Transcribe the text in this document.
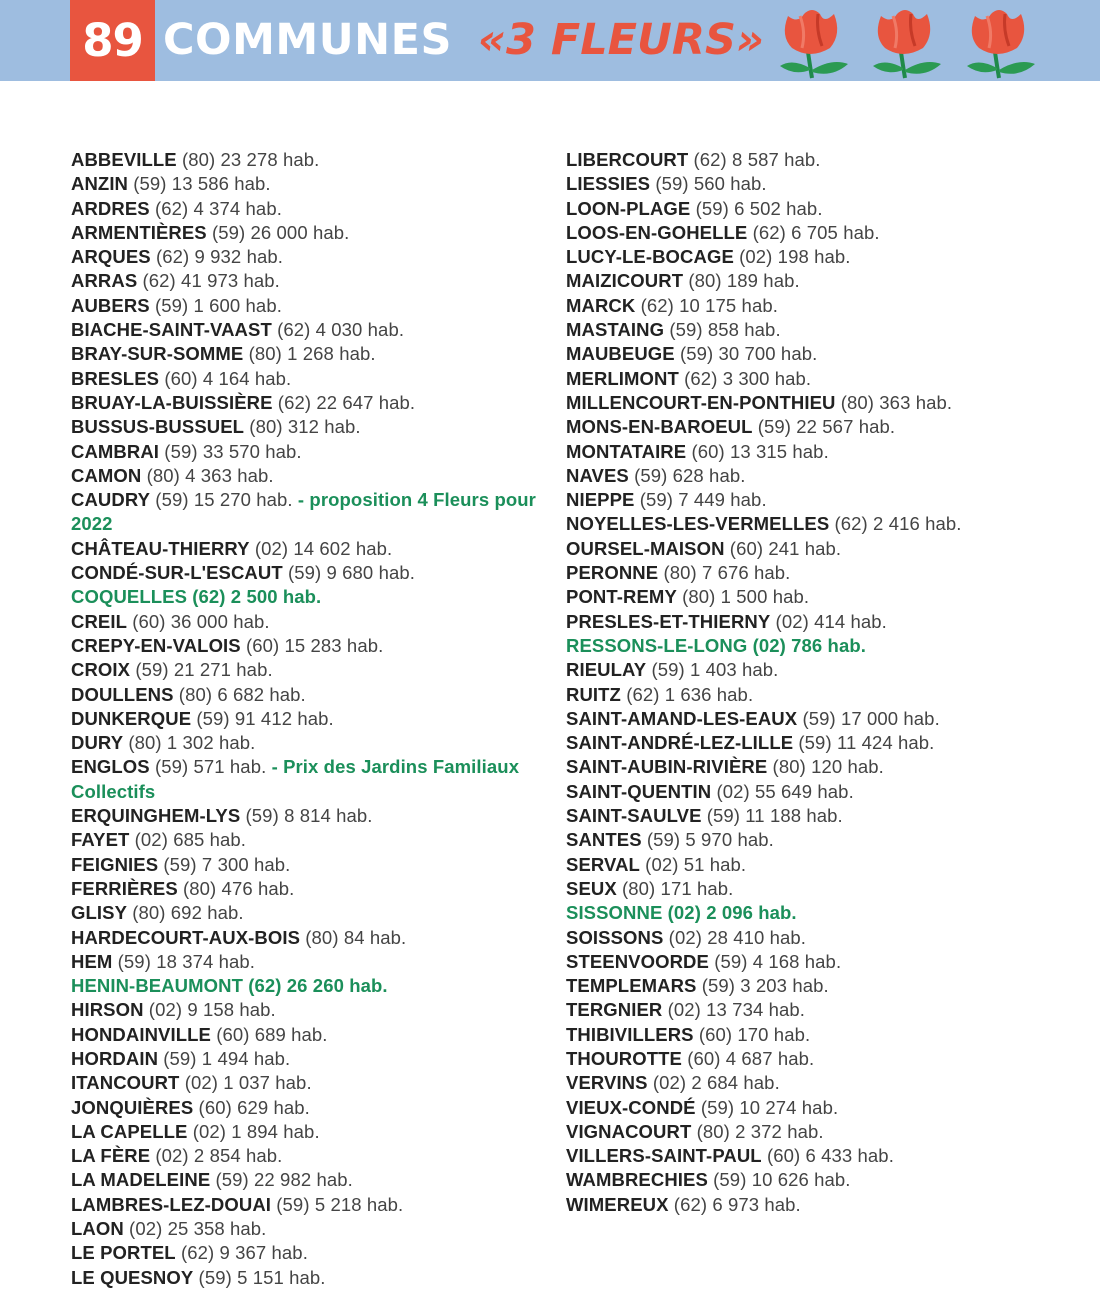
89 COMMUNES «3 FLEURS»

ABBEVILLE (80) 23 278 hab.
ANZIN (59) 13 586 hab.
ARDRES (62) 4 374 hab.
ARMENTIÈRES (59) 26 000 hab.
ARQUES (62) 9 932 hab.
ARRAS (62) 41 973 hab.
AUBERS (59) 1 600 hab.
BIACHE-SAINT-VAAST (62) 4 030 hab.
BRAY-SUR-SOMME (80) 1 268 hab.
BRESLES (60) 4 164 hab.
BRUAY-LA-BUISSIÈRE (62) 22 647 hab.
BUSSUS-BUSSUEL (80) 312 hab.
CAMBRAI (59) 33 570 hab.
CAMON (80) 4 363 hab.
CAUDRY (59) 15 270 hab. - proposition 4 Fleurs pour 2022
CHÂTEAU-THIERRY (02) 14 602 hab.
CONDÉ-SUR-L'ESCAUT (59) 9 680 hab.
COQUELLES (62) 2 500 hab.
CREIL (60) 36 000 hab.
CREPY-EN-VALOIS (60) 15 283 hab.
CROIX (59) 21 271 hab.
DOULLENS (80) 6 682 hab.
DUNKERQUE (59) 91 412 hab.
DURY (80) 1 302 hab.
ENGLOS (59) 571 hab. - Prix des Jardins Familiaux Collectifs
ERQUINGHEM-LYS (59) 8 814 hab.
FAYET (02) 685 hab.
FEIGNIES (59) 7 300 hab.
FERRIÈRES (80) 476 hab.
GLISY (80) 692 hab.
HARDECOURT-AUX-BOIS (80) 84 hab.
HEM (59) 18 374 hab.
HENIN-BEAUMONT (62) 26 260 hab.
HIRSON (02) 9 158 hab.
HONDAINVILLE (60) 689 hab.
HORDAIN (59) 1 494 hab.
ITANCOURT (02) 1 037 hab.
JONQUIÈRES (60) 629 hab.
LA CAPELLE (02) 1 894 hab.
LA FÈRE (02) 2 854 hab.
LA MADELEINE (59) 22 982 hab.
LAMBRES-LEZ-DOUAI (59) 5 218 hab.
LAON (02) 25 358 hab.
LE PORTEL (62) 9 367 hab.
LE QUESNOY (59) 5 151 hab.
LIBERCOURT (62) 8 587 hab.
LIESSIES (59) 560 hab.
LOON-PLAGE (59) 6 502 hab.
LOOS-EN-GOHELLE (62) 6 705 hab.
LUCY-LE-BOCAGE (02) 198 hab.
MAIZICOURT (80) 189 hab.
MARCK (62) 10 175 hab.
MASTAING (59) 858 hab.
MAUBEUGE (59) 30 700 hab.
MERLIMONT (62) 3 300 hab.
MILLENCOURT-EN-PONTHIEU (80) 363 hab.
MONS-EN-BAROEUL (59) 22 567 hab.
MONTATAIRE (60) 13 315 hab.
NAVES (59) 628 hab.
NIEPPE (59) 7 449 hab.
NOYELLES-LES-VERMELLES (62) 2 416 hab.
OURSEL-MAISON (60) 241 hab.
PERONNE (80) 7 676 hab.
PONT-REMY (80) 1 500 hab.
PRESLES-ET-THIERNY (02) 414 hab.
RESSONS-LE-LONG (02) 786 hab.
RIEULAY (59) 1 403 hab.
RUITZ (62) 1 636 hab.
SAINT-AMAND-LES-EAUX (59) 17 000 hab.
SAINT-ANDRÉ-LEZ-LILLE (59) 11 424 hab.
SAINT-AUBIN-RIVIÈRE (80) 120 hab.
SAINT-QUENTIN (02) 55 649 hab.
SAINT-SAULVE (59) 11 188 hab.
SANTES (59) 5 970 hab.
SERVAL (02) 51 hab.
SEUX (80) 171 hab.
SISSONNE (02) 2 096 hab.
SOISSONS (02) 28 410 hab.
STEENVOORDE (59) 4 168 hab.
TEMPLEMARS (59) 3 203 hab.
TERGNIER (02) 13 734 hab.
THIBIVILLERS (60) 170 hab.
THOUROTTE (60) 4 687 hab.
VERVINS (02) 2 684 hab.
VIEUX-CONDÉ (59) 10 274 hab.
VIGNACOURT (80) 2 372 hab.
VILLERS-SAINT-PAUL (60) 6 433 hab.
WAMBRECHIES (59) 10 626 hab.
WIMEREUX (62) 6 973 hab.
